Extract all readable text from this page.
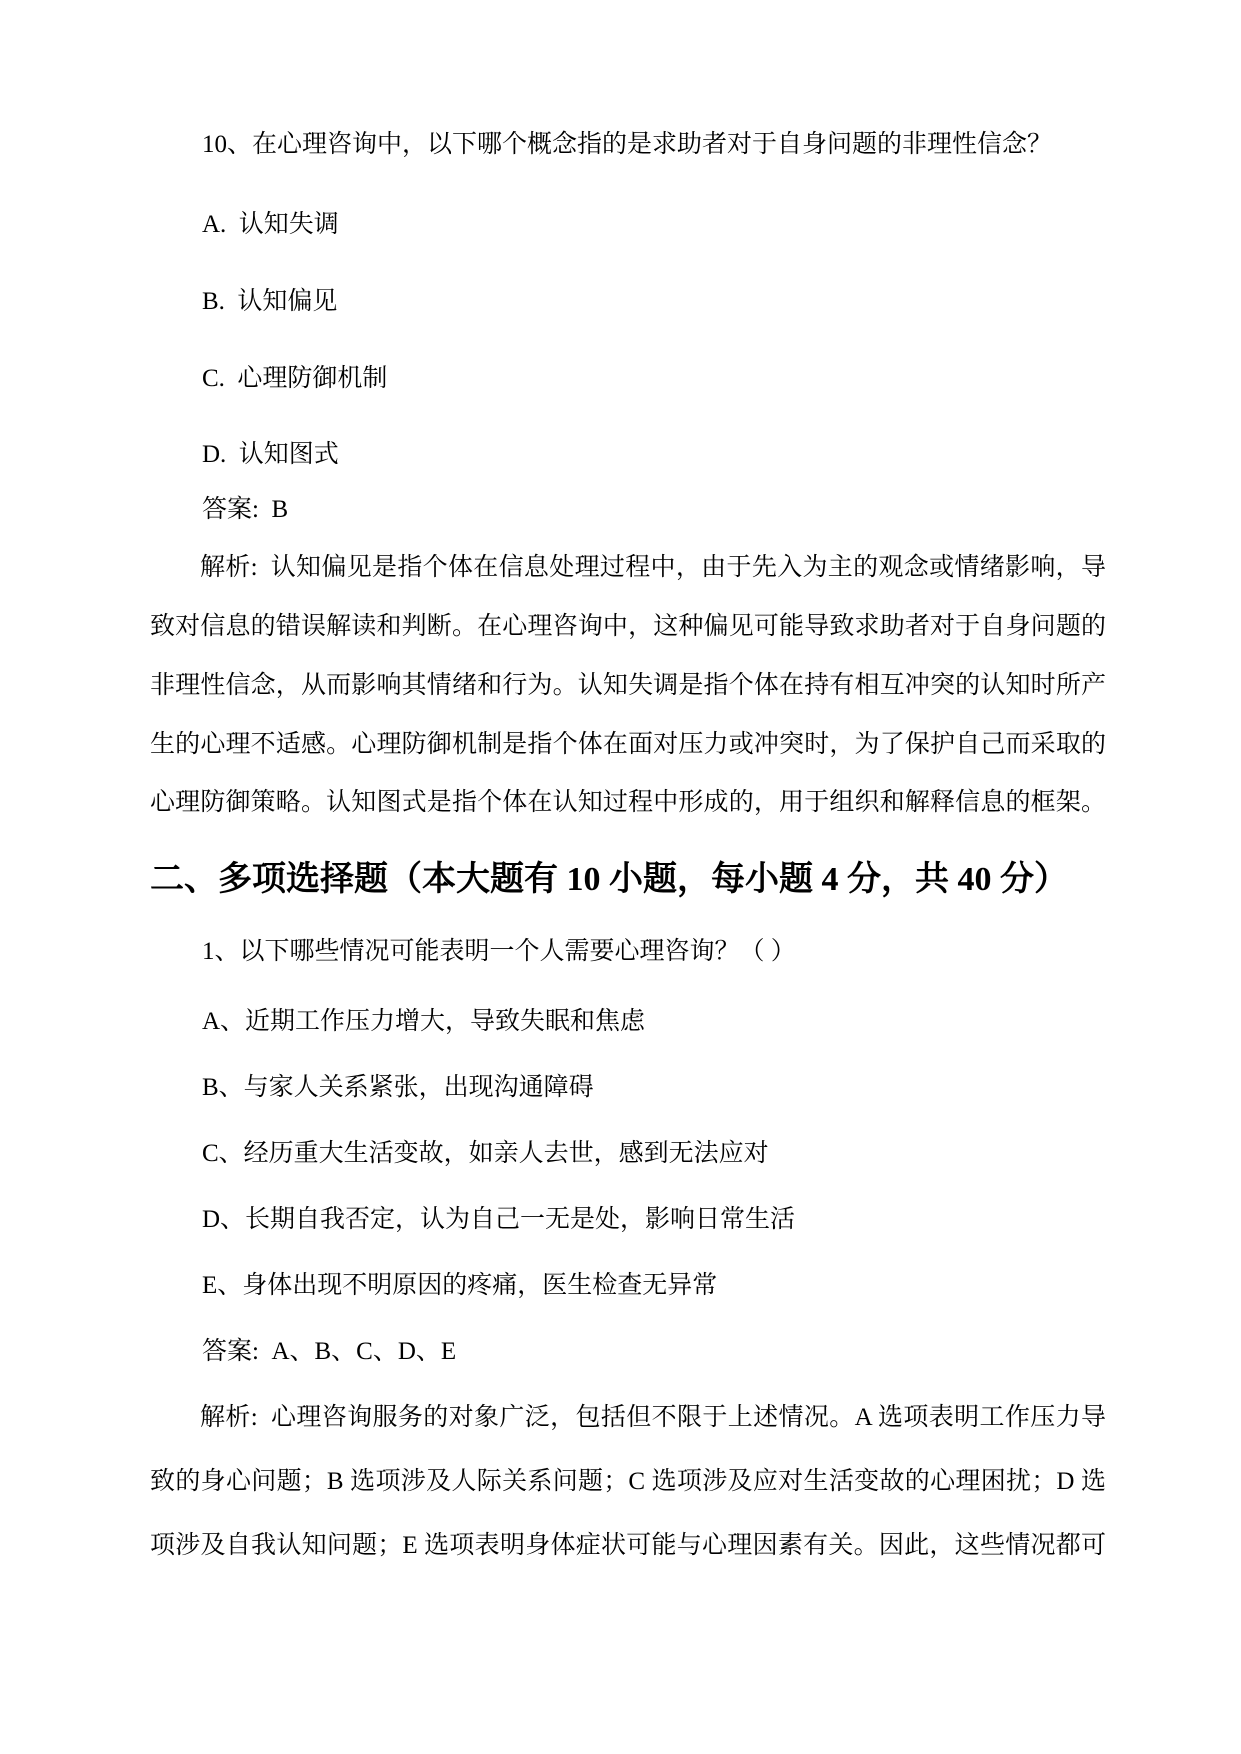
10、在心理咨询中，以下哪个概念指的是求助者对于自身问题的非理性信念？
A.  认知失调
B.  认知偏见
C.  心理防御机制
D.  认知图式
答案:  B
解析:  认知偏见是指个体在信息处理过程中，由于先入为主的观念或情绪影响，导
致对信息的错误解读和判断。在心理咨询中，这种偏见可能导致求助者对于自身问题的
非理性信念，从而影响其情绪和行为。认知失调是指个体在持有相互冲突的认知时所产
生的心理不适感。心理防御机制是指个体在面对压力或冲突时，为了保护自己而采取的
心理防御策略。认知图式是指个体在认知过程中形成的，用于组织和解释信息的框架。
二、多项选择题（本大题有 10 小题，每小题 4 分，共 40 分）
1、以下哪些情况可能表明一个人需要心理咨询？（ ）
A、近期工作压力增大，导致失眠和焦虑
B、与家人关系紧张，出现沟通障碍
C、经历重大生活变故，如亲人去世，感到无法应对
D、长期自我否定，认为自己一无是处，影响日常生活
E、身体出现不明原因的疼痛，医生检查无异常
答案:  A、B、C、D、E
解析:  心理咨询服务的对象广泛，包括但不限于上述情况。A 选项表明工作压力导
致的身心问题；B 选项涉及人际关系问题；C 选项涉及应对生活变故的心理困扰；D 选
项涉及自我认知问题；E 选项表明身体症状可能与心理因素有关。因此，这些情况都可
